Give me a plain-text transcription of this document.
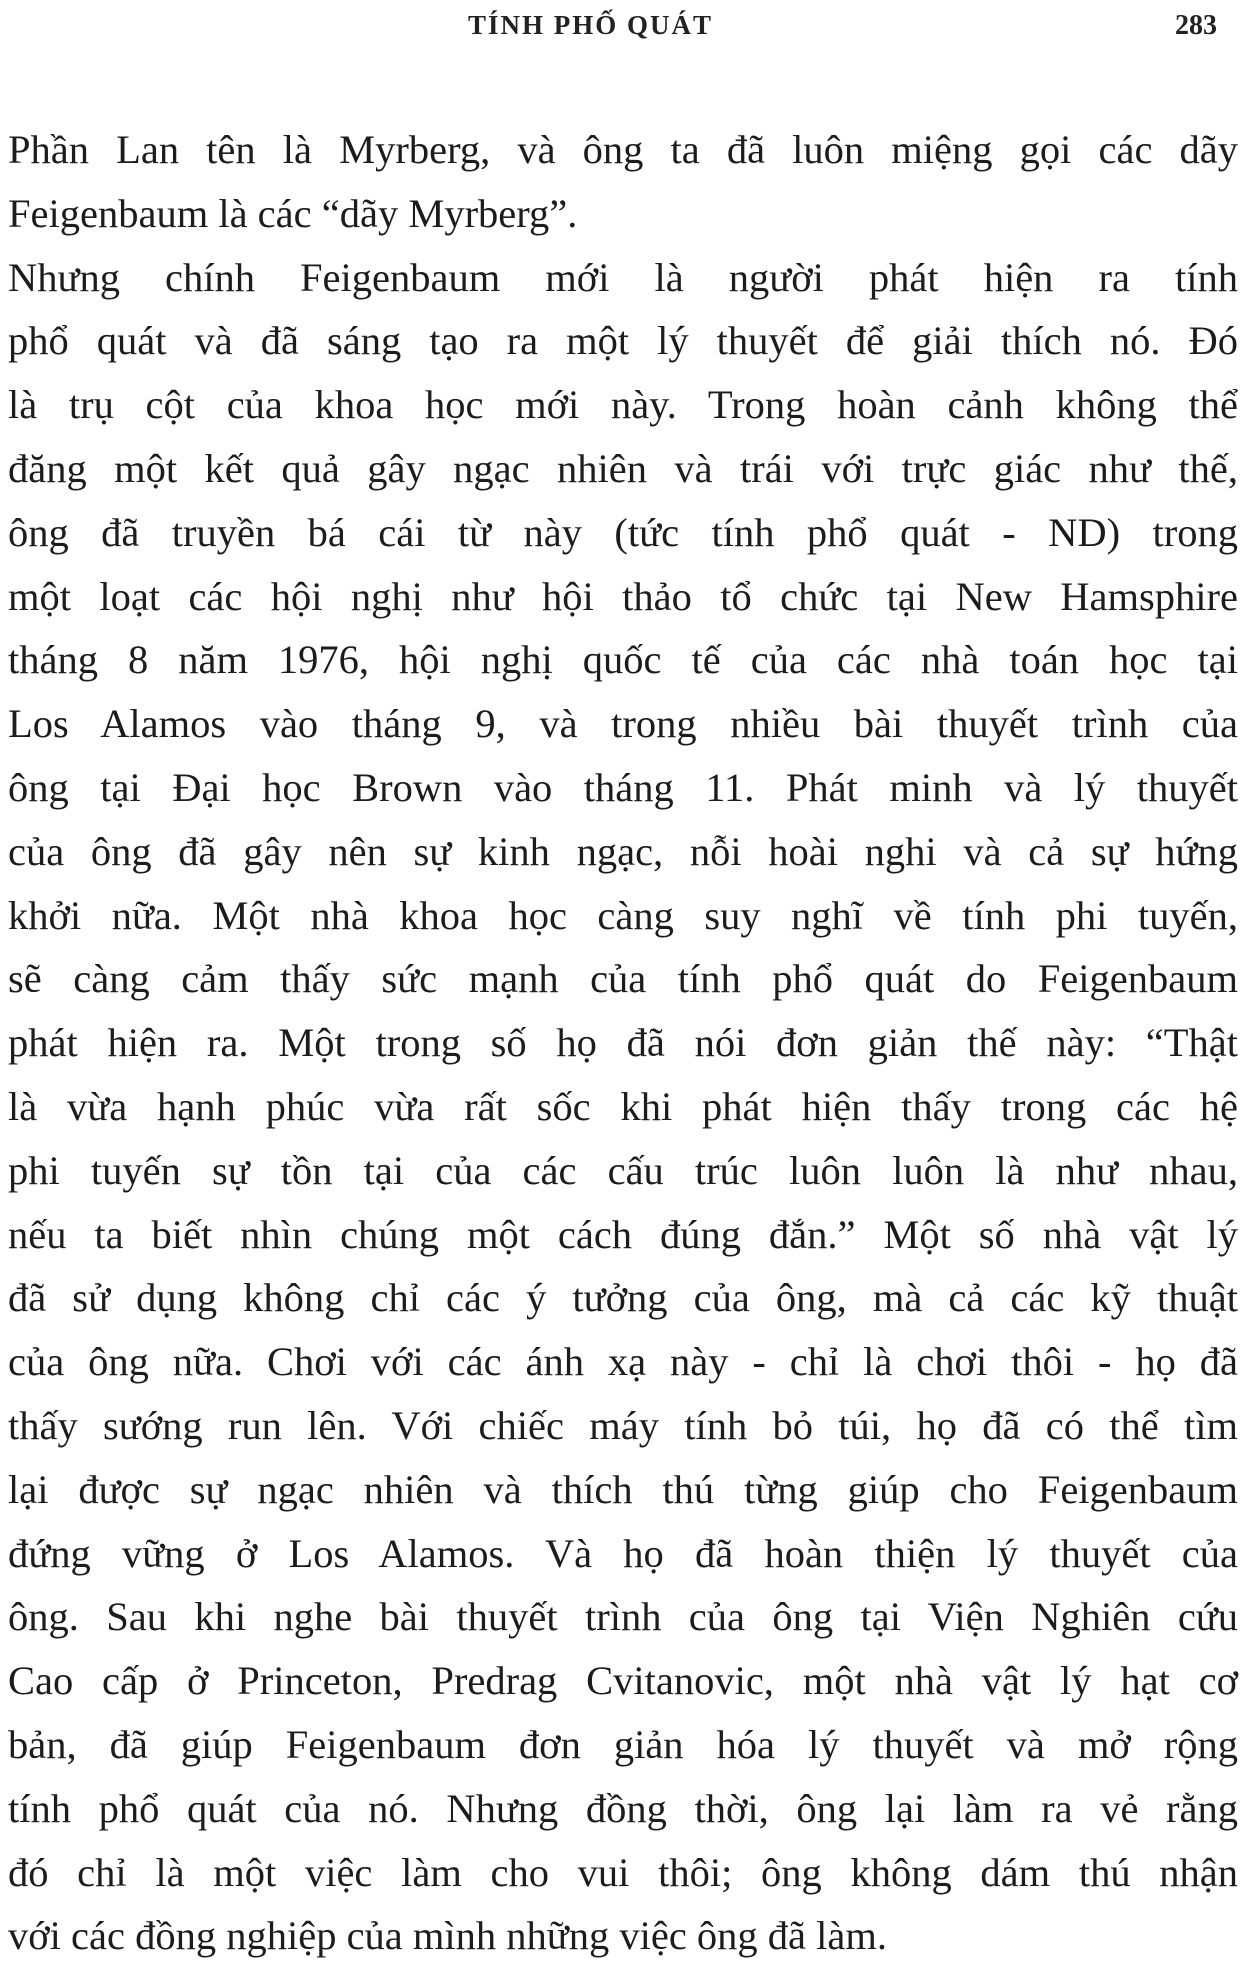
TÍNH PHỐ QUÁT	283
Phần Lan tên là Myrberg, và ông ta đã luôn miệng gọi các dãy
Feigenbaum là các “dãy Myrberg”.
Nhưng chính Feigenbaum mới là người phát hiện ra tính
phổ quát và đã sáng tạo ra một lý thuyết để giải thích nó. Đó
là trụ cột của khoa học mới này. Trong hoàn cảnh không thể
đăng một kết quả gây ngạc nhiên và trái với trực giác như thế,
ông đã truyền bá cái từ này (tức tính phổ quát - ND) trong
một loạt các hội nghị như hội thảo tổ chức tại New Hamsphire
tháng 8 năm 1976, hội nghị quốc tế của các nhà toán học tại
Los Alamos vào tháng 9, và trong nhiều bài thuyết trình của
ông tại Đại học Brown vào tháng 11. Phát minh và lý thuyết
của ông đã gây nên sự kinh ngạc, nỗi hoài nghi và cả sự hứng
khởi nữa. Một nhà khoa học càng suy nghĩ về tính phi tuyến,
sẽ càng cảm thấy sức mạnh của tính phổ quát do Feigenbaum
phát hiện ra. Một trong số họ đã nói đơn giản thế này: “Thật
là vừa hạnh phúc vừa rất sốc khi phát hiện thấy trong các hệ
phi tuyến sự tồn tại của các cấu trúc luôn luôn là như nhau,
nếu ta biết nhìn chúng một cách đúng đắn.” Một số nhà vật lý
đã sử dụng không chỉ các ý tưởng của ông, mà cả các kỹ thuật
của ông nữa. Chơi với các ánh xạ này - chỉ là chơi thôi - họ đã
thấy sướng run lên. Với chiếc máy tính bỏ túi, họ đã có thể tìm
lại được sự ngạc nhiên và thích thú từng giúp cho Feigenbaum
đứng vững ở Los Alamos. Và họ đã hoàn thiện lý thuyết của
ông. Sau khi nghe bài thuyết trình của ông tại Viện Nghiên cứu
Cao cấp ở Princeton, Predrag Cvitanovic, một nhà vật lý hạt cơ
bản, đã giúp Feigenbaum đơn giản hóa lý thuyết và mở rộng
tính phổ quát của nó. Nhưng đồng thời, ông lại làm ra vẻ rằng
đó chỉ là một việc làm cho vui thôi; ông không dám thú nhận
với các đồng nghiệp của mình những việc ông đã làm.
